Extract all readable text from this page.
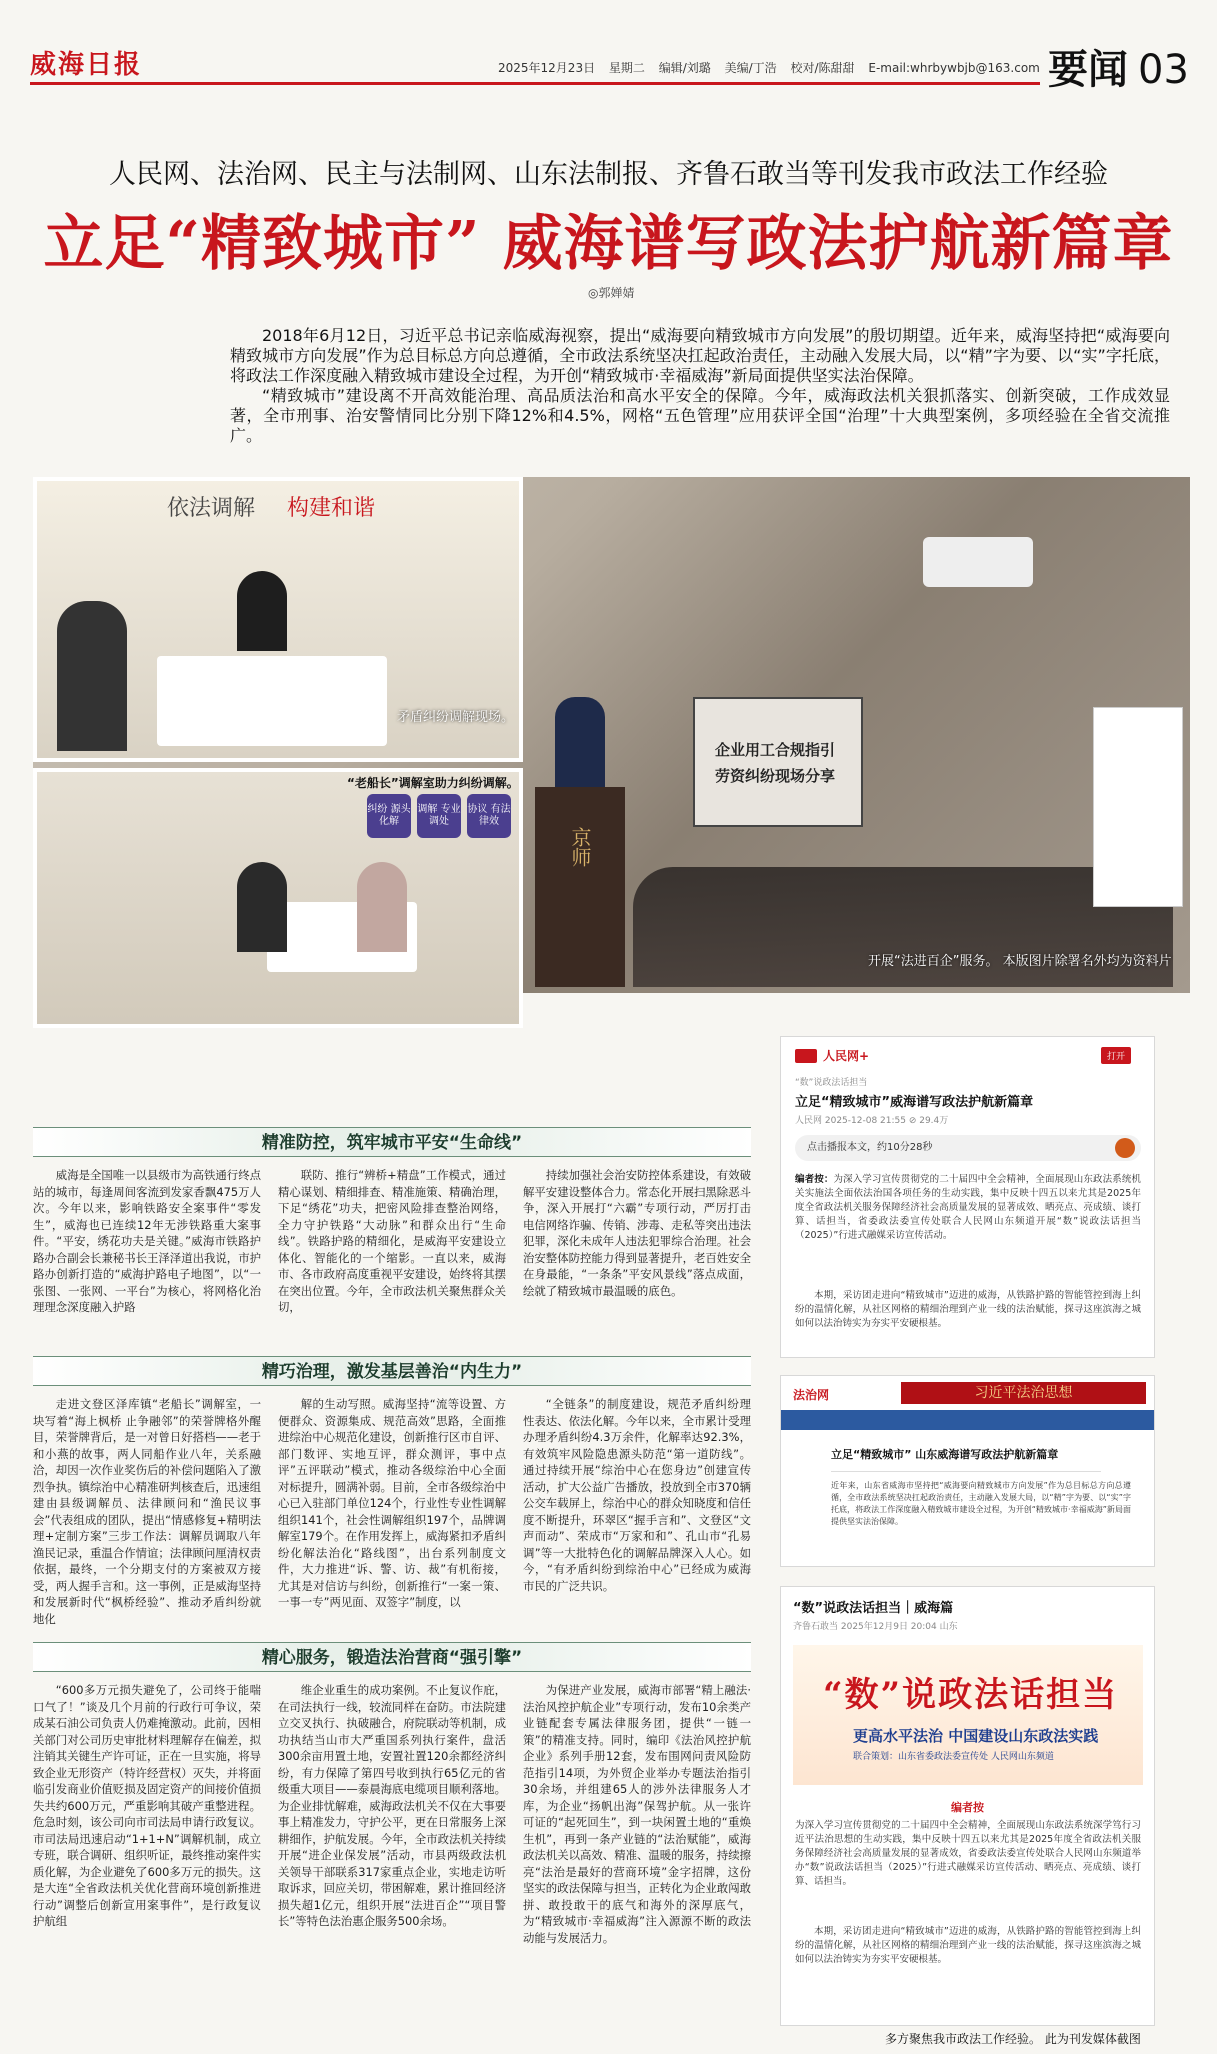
威海日报	2025年12月23日 星期二 编辑/刘璐 美编/丁浩 校对/陈甜甜 E-mail:whrbywbjb@163.com 要闻 03
人民网、法治网、民主与法制网、山东法制报、齐鲁石敢当等刊发我市政法工作经验
立足“精致城市” 威海谱写政法护航新篇章
◎郭婵婧

2018年6月12日，习近平总书记亲临威海视察，提出“威海要向精致城市方向发展”的殷切期望。近年来，威海坚持把“威海要向精致城市方向发展”作为总目标总方向总遵循，全市政法系统坚决扛起政治责任，主动融入发展大局，以“精”字为要、以“实”字托底，将政法工作深度融入精致城市建设全过程，为开创“精致城市·幸福威海”新局面提供坚实法治保障。

“精致城市”建设离不开高效能治理、高品质法治和高水平安全的保障。今年，威海政法机关狠抓落实、创新突破，工作成效显著，全市刑事、治安警情同比分别下降12%和4.5%，网格“五色管理”应用获评全国“治理”十大典型案例，多项经验在全省交流推广。

企业用工合规指引
劳资纠纷现场分享
京师
开展“法进百企”服务。 本版图片除署名外均为资料片
依法调解 构建和谐
矛盾纠纷调解现场。
“老船长”调解室助力纠纷调解。
纠纷 源头化解
调解 专业调处
协议 有法律效
精准防控，筑牢城市平安“生命线”
威海是全国唯一以县级市为高铁通行终点站的城市，每逢周间客流到发家香飘475万人次。今年以来，影响铁路安全案事件“零发生”，威海也已连续12年无涉铁路重大案事件。“平安，绣花功夫是关键。”威海市铁路护路办合副会长兼秘书长王泽泽道出我说，市护路办创新打造的“威海护路电子地图”，以“一张图、一张网、一平台”为核心，将网格化治理理念深度融入护路
联防、推行“辨桥+精盘”工作模式，通过精心谋划、精细排查、精准施策、精确治理，下足“绣花”功夫，把密风险排查整治网络，全力守护铁路“大动脉”和群众出行“生命线”。铁路护路的精细化，是威海平安建设立体化、智能化的一个缩影。一直以来，威海市、各市政府高度重视平安建设，始终将其摆在突出位置。今年，全市政法机关聚焦群众关切，
持续加强社会治安防控体系建设，有效破解平安建设整体合力。常态化开展扫黑除恶斗争，深入开展打“六霸”专项行动，严厉打击电信网络诈骗、传销、涉毒、走私等突出违法犯罪，深化未成年人违法犯罪综合治理。社会治安整体防控能力得到显著提升，老百姓安全在身最能，“一条条”平安风景线”落点成面，绘就了精致城市最温暖的底色。
精巧治理，激发基层善治“内生力”
走进文登区泽库镇“老船长”调解室，一块写着“海上枫桥 止争融邻”的荣誉牌格外醒目，荣誉牌背后，是一对曾日好搭档——老于和小燕的故事，两人同船作业八年，关系融洽，却因一次作业奖伤后的补偿问题陷入了激烈争执。镇综治中心精准研判核查后，迅速组建由县级调解员、法律顾问和“渔民议事会”代表组成的团队，提出“情感修复+精明法理+定制方案”三步工作法：调解员调取八年渔民记录，重温合作情谊；法律顾问厘清权责依据，最终，一个分期支付的方案被双方接受，两人握手言和。这一事例，正是威海坚持和发展新时代“枫桥经验”、推动矛盾纠纷就地化
解的生动写照。威海坚持“流等设置、方便群众、资源集成、规范高效”思路，全面推进综治中心规范化建设，创新推行区市自评、部门数评、实地互评，群众测评，事中点评”五评联动”模式，推动各级综治中心全面对标提升，圆满补弱。目前，全市各级综治中心已入驻部门单位124个，行业性专业性调解组织141个，社会性调解组织197个，品牌调解室179个。在作用发挥上，威海紧扣矛盾纠纷化解法治化“路线图”，出台系列制度文件，大力推进“诉、警、访、裁”有机衔接，尤其是对信访与纠纷，创新推行“一案一策、一事一专”两见面、双签字”制度，以
“全链条”的制度建设，规范矛盾纠纷理性表达、依法化解。今年以来，全市累计受理办理矛盾纠纷4.3万余件，化解率达92.3%，有效筑牢风险隐患源头防范“第一道防线”。通过持续开展“综治中心在您身边”创建宣传活动，扩大公益广告播放，投放到全市370辆公交车载屏上，综治中心的群众知晓度和信任度不断提升，环翠区“握手言和”、文登区“文声而动”、荣成市“万家和和”、孔山市“孔易调”等一大批特色化的调解品牌深入人心。如今，“有矛盾纠纷到综治中心”已经成为威海市民的广泛共识。
精心服务，锻造法治营商“强引擎”
“600多万元损失避免了，公司终于能喘口气了！”谈及几个月前的行政行可争议，荣成某石油公司负责人仍难掩激动。此前，因相关部门对公司历史审批材料理解存在偏差，拟注销其关键生产许可证，正在一旦实施，将导致企业无形资产（特许经营权）灭失，并将面临引发商业价值贬损及固定资产的间接价值损失共约600万元，严重影响其破产重整进程。危急时刻，该公司向市司法局申请行政复议。市司法局迅速启动“1+1+N”调解机制，成立专班，联合调研、组织听证，最终推动案件实质化解，为企业避免了600多万元的损失。这是大连“全省政法机关优化营商环境创新推进行动”调整后创新宣用案事件”，是行政复议护航组
维企业重生的成功案例。不止复议作庇，在司法执行一线，较流同样在奋防。市法院建立交叉执行、执破融合，府院联动等机制，成功执结当山市大严重国系列执行案件，盘活300余亩用置土地，安置社置120余都经济纠纷，有力保障了第四号收到执行65亿元的省级重大项目——泰晨海底电缆项目顺利落地。为企业排忧解难，威海政法机关不仅在大事要事上精准发力，守护公平，更在日常服务上深耕细作，护航发展。今年，全市政法机关持续开展“进企业保发展”活动，市县两级政法机关领导干部联系317家重点企业，实地走访听取诉求，回应关切，带困解难，累计推回经济损失超1亿元，组织开展“法进百企”“项目警长”等特色法治惠企服务500余场。
为保进产业发展，威海市部署“精上融法·法治风控护航企业”专项行动，发布10余类产业链配套专属法律服务团，提供“一链一策”的精准支持。同时，编印《法治风控护航企业》系列手册12套，发布围网问责风险防范指引14项，为外贸企业举办专题法治指引30余场，并组建65人的涉外法律服务人才库，为企业“扬帆出海”保驾护航。从一张许可证的“起死回生”，到一块闲置土地的“重焕生机”，再到一条产业链的“法治赋能”，威海政法机关以高效、精准、温暖的服务，持续擦亮“法治是最好的营商环境”金字招牌，这份坚实的政法保障与担当，正转化为企业敢闯敢拼、敢投敢干的底气和海外的深厚底气，为“精致城市·幸福威海”注入源源不断的政法动能与发展活力。
人民网+	打开
“数”说政法话担当
立足“精致城市”威海谱写政法护航新篇章
人民网 2025-12-08 21:55 ⊘ 29.4万
点击播报本文，约10分28秒
编者按：为深入学习宣传贯彻党的二十届四中全会精神，全面展现山东政法系统机关实施法全面依法治国各项任务的生动实践，集中反映十四五以来尤其是2025年度全省政法机关服务保障经济社会高质量发展的显著成效、晒亮点、亮成绩、谈打算、话担当，省委政法委宣传处联合人民网山东频道开展“数”说政法话担当（2025）”行进式融媒采访宣传活动。
本期，采访团走进向“精致城市”迈进的威海，从铁路护路的智能管控到海上纠纷的温情化解，从社区网格的精细治理到产业一线的法治赋能，探寻这座滨海之城如何以法治铸实为夯实平安硬根基。
法治网	习近平法治思想
立足“精致城市” 山东威海谱写政法护航新篇章
近年来，山东省威海市坚持把“威海要向精致城市方向发展”作为总目标总方向总遵循，全市政法系统坚决扛起政治责任，主动融入发展大局，以“精”字为要、以“实”字托底，将政法工作深度融入精致城市建设全过程，为开创“精致城市·幸福威海”新局面提供坚实法治保障。
“数”说政法话担当｜威海篇
齐鲁石敢当 2025年12月9日 20:04 山东
“数”说政法话担当
更高水平法治 中国建设山东政法实践
联合策划：山东省委政法委宣传处 人民网山东频道
编者按
为深入学习宣传贯彻党的二十届四中全会精神，全面展现山东政法系统深学笃行习近平法治思想的生动实践，集中反映十四五以来尤其是2025年度全省政法机关服务保障经济社会高质量发展的显著成效，省委政法委宣传处联合人民网山东频道举办“数”说政法话担当（2025）”行进式融媒采访宣传活动、晒亮点、亮成绩、谈打算、话担当。
本期，采访团走进向“精致城市”迈进的威海，从铁路护路的智能管控到海上纠纷的温情化解，从社区网格的精细治理到产业一线的法治赋能，探寻这座滨海之城如何以法治铸实为夯实平安硬根基。
多方聚焦我市政法工作经验。 此为刊发媒体截图
